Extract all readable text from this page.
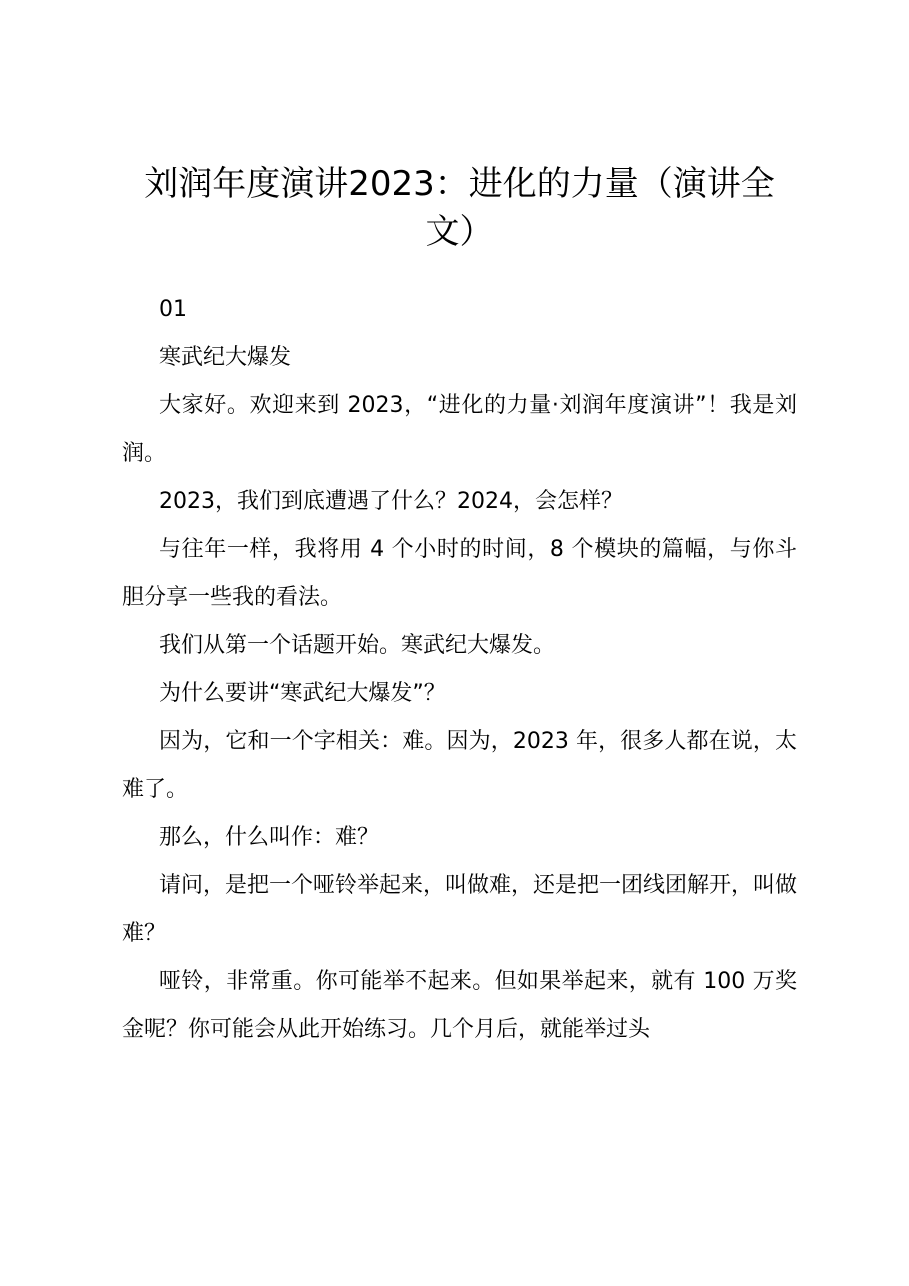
刘润年度演讲2023：进化的力量（演讲全文）

01

寒武纪大爆发

大家好。欢迎来到 2023，“进化的力量·刘润年度演讲”！我是刘润。

2023，我们到底遭遇了什么？2024，会怎样？

与往年一样，我将用 4 个小时的时间，8 个模块的篇幅，与你斗胆分享一些我的看法。

我们从第一个话题开始。寒武纪大爆发。

为什么要讲“寒武纪大爆发”？

因为，它和一个字相关：难。因为，2023 年，很多人都在说，太难了。

那么，什么叫作：难？

请问，是把一个哑铃举起来，叫做难，还是把一团线团解开，叫做难？

哑铃，非常重。你可能举不起来。但如果举起来，就有 100 万奖金呢？你可能会从此开始练习。几个月后，就能举过头
